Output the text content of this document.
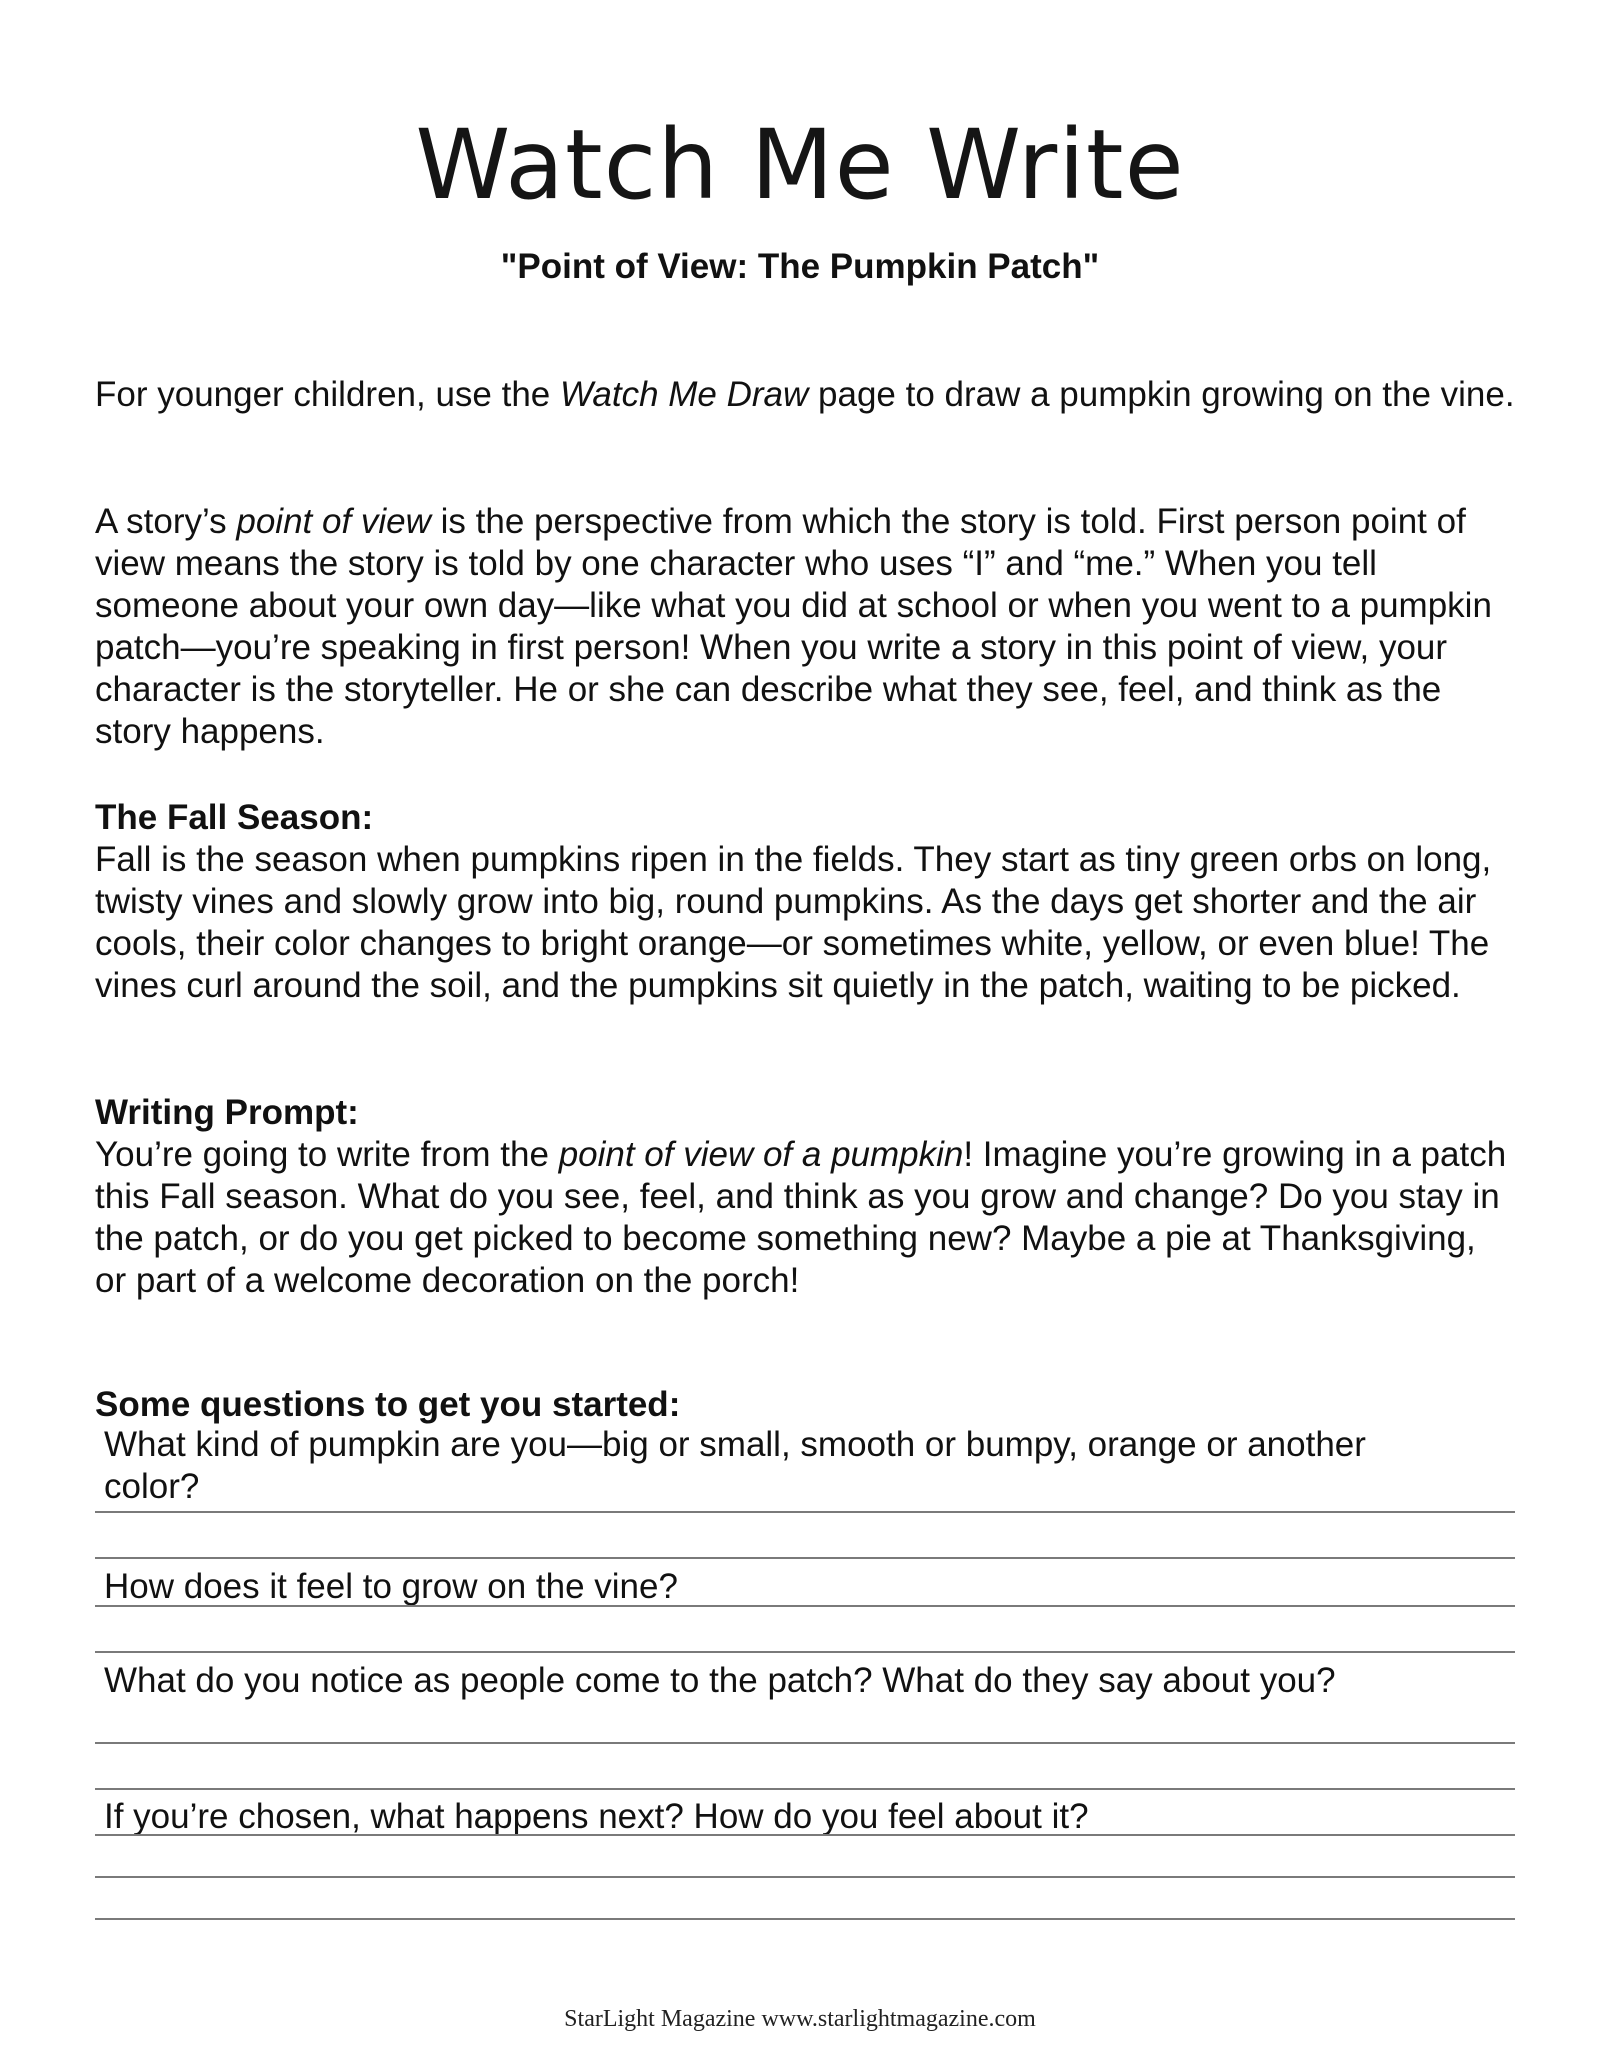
Watch Me Write
"Point of View: The Pumpkin Patch"

For younger children, use the Watch Me Draw page to draw a pumpkin growing on the vine.

A story’s point of view is the perspective from which the story is told. First person point of view means the story is told by one character who uses “I” and “me.” When you tell someone about your own day—like what you did at school or when you went to a pumpkin patch—you’re speaking in first person! When you write a story in this point of view, your character is the storyteller. He or she can describe what they see, feel, and think as the story happens.

The Fall Season:

Fall is the season when pumpkins ripen in the fields. They start as tiny green orbs on long, twisty vines and slowly grow into big, round pumpkins. As the days get shorter and the air cools, their color changes to bright orange—or sometimes white, yellow, or even blue! The vines curl around the soil, and the pumpkins sit quietly in the patch, waiting to be picked.

Writing Prompt:

You’re going to write from the point of view of a pumpkin! Imagine you’re growing in a patch this Fall season. What do you see, feel, and think as you grow and change? Do you stay in the patch, or do you get picked to become something new? Maybe a pie at Thanksgiving, or part of a welcome decoration on the porch!

Some questions to get you started:
What kind of pumpkin are you—big or small, smooth or bumpy, orange or another color?
How does it feel to grow on the vine?
What do you notice as people come to the patch? What do they say about you?
If you’re chosen, what happens next? How do you feel about it?
StarLight Magazine www.starlightmagazine.com
